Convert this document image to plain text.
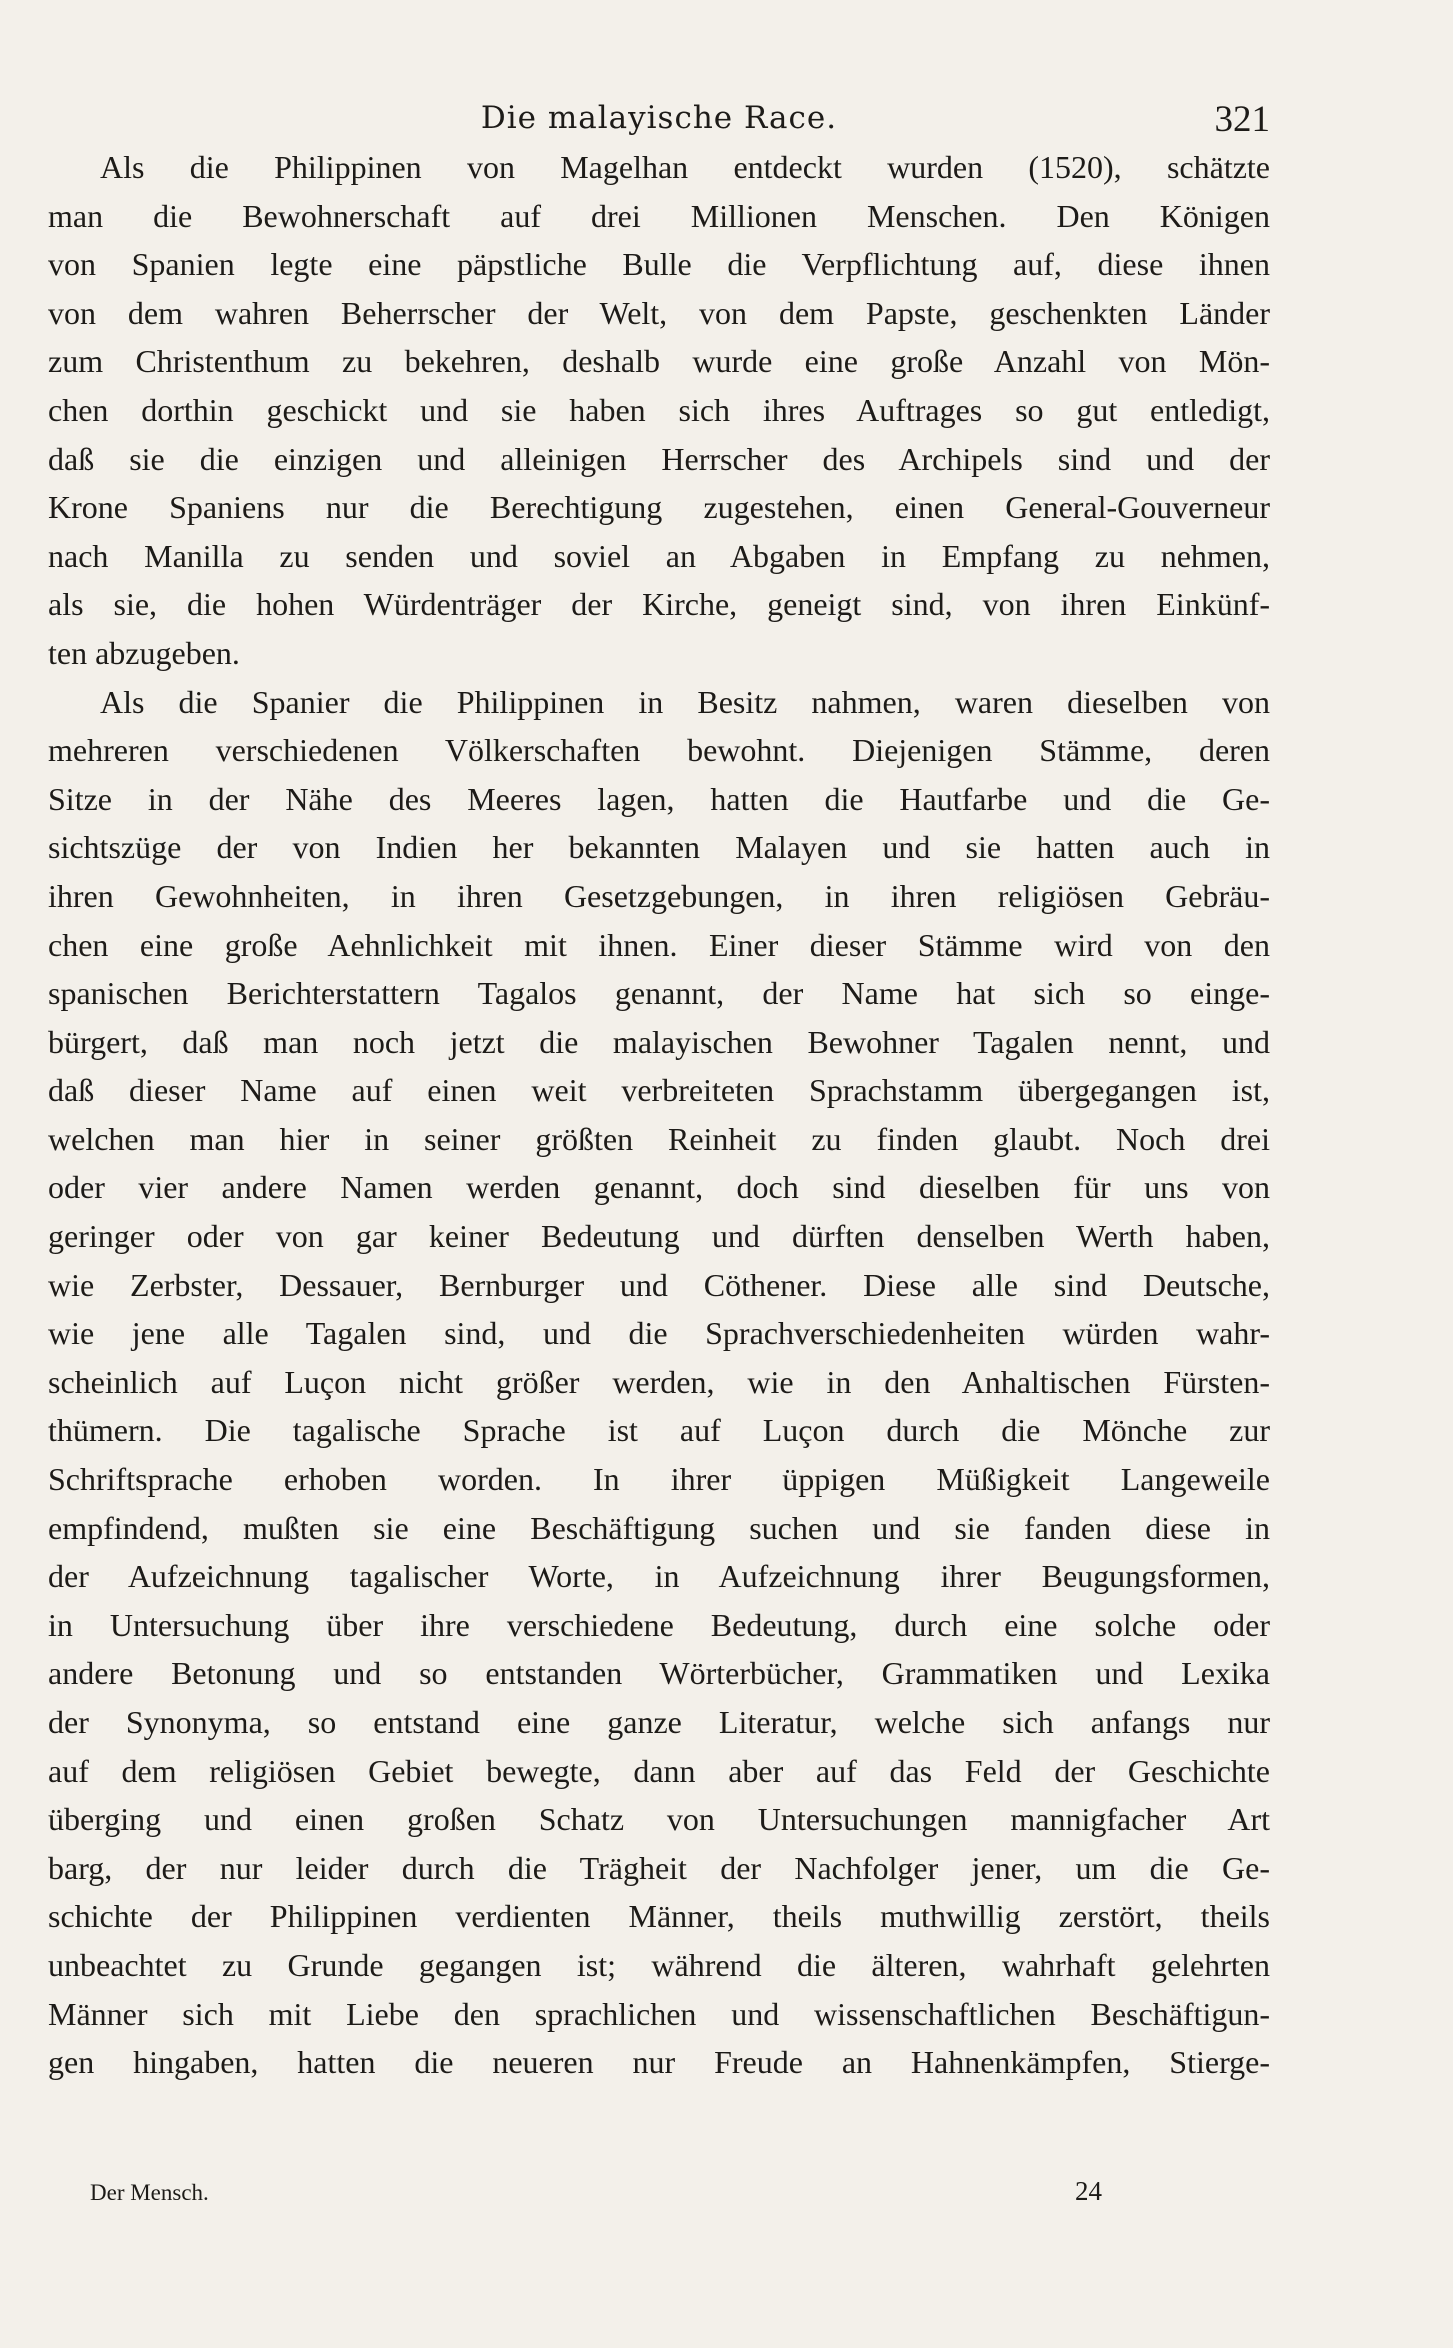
Die malayische Race.	321
Als die Philippinen von Magelhan entdeckt wurden (1520), schätzte
man die Bewohnerschaft auf drei Millionen Menschen. Den Königen
von Spanien legte eine päpstliche Bulle die Verpflichtung auf, diese ihnen
von dem wahren Beherrscher der Welt, von dem Papste, geschenkten Länder
zum Christenthum zu bekehren, deshalb wurde eine große Anzahl von Mön-
chen dorthin geschickt und sie haben sich ihres Auftrages so gut entledigt,
daß sie die einzigen und alleinigen Herrscher des Archipels sind und der
Krone Spaniens nur die Berechtigung zugestehen, einen General-Gouverneur
nach Manilla zu senden und soviel an Abgaben in Empfang zu nehmen,
als sie, die hohen Würdenträger der Kirche, geneigt sind, von ihren Einkünf-
ten abzugeben.
Als die Spanier die Philippinen in Besitz nahmen, waren dieselben von
mehreren verschiedenen Völkerschaften bewohnt. Diejenigen Stämme, deren
Sitze in der Nähe des Meeres lagen, hatten die Hautfarbe und die Ge-
sichtszüge der von Indien her bekannten Malayen und sie hatten auch in
ihren Gewohnheiten, in ihren Gesetzgebungen, in ihren religiösen Gebräu-
chen eine große Aehnlichkeit mit ihnen. Einer dieser Stämme wird von den
spanischen Berichterstattern Tagalos genannt, der Name hat sich so einge-
bürgert, daß man noch jetzt die malayischen Bewohner Tagalen nennt, und
daß dieser Name auf einen weit verbreiteten Sprachstamm übergegangen ist,
welchen man hier in seiner größten Reinheit zu finden glaubt. Noch drei
oder vier andere Namen werden genannt, doch sind dieselben für uns von
geringer oder von gar keiner Bedeutung und dürften denselben Werth haben,
wie Zerbster, Dessauer, Bernburger und Cöthener. Diese alle sind Deutsche,
wie jene alle Tagalen sind, und die Sprachverschiedenheiten würden wahr-
scheinlich auf Luçon nicht größer werden, wie in den Anhaltischen Fürsten-
thümern. Die tagalische Sprache ist auf Luçon durch die Mönche zur
Schriftsprache erhoben worden. In ihrer üppigen Müßigkeit Langeweile
empfindend, mußten sie eine Beschäftigung suchen und sie fanden diese in
der Aufzeichnung tagalischer Worte, in Aufzeichnung ihrer Beugungsformen,
in Untersuchung über ihre verschiedene Bedeutung, durch eine solche oder
andere Betonung und so entstanden Wörterbücher, Grammatiken und Lexika
der Synonyma, so entstand eine ganze Literatur, welche sich anfangs nur
auf dem religiösen Gebiet bewegte, dann aber auf das Feld der Geschichte
überging und einen großen Schatz von Untersuchungen mannigfacher Art
barg, der nur leider durch die Trägheit der Nachfolger jener, um die Ge-
schichte der Philippinen verdienten Männer, theils muthwillig zerstört, theils
unbeachtet zu Grunde gegangen ist; während die älteren, wahrhaft gelehrten
Männer sich mit Liebe den sprachlichen und wissenschaftlichen Beschäftigun-
gen hingaben, hatten die neueren nur Freude an Hahnenkämpfen, Stierge-
Der Mensch.	24
